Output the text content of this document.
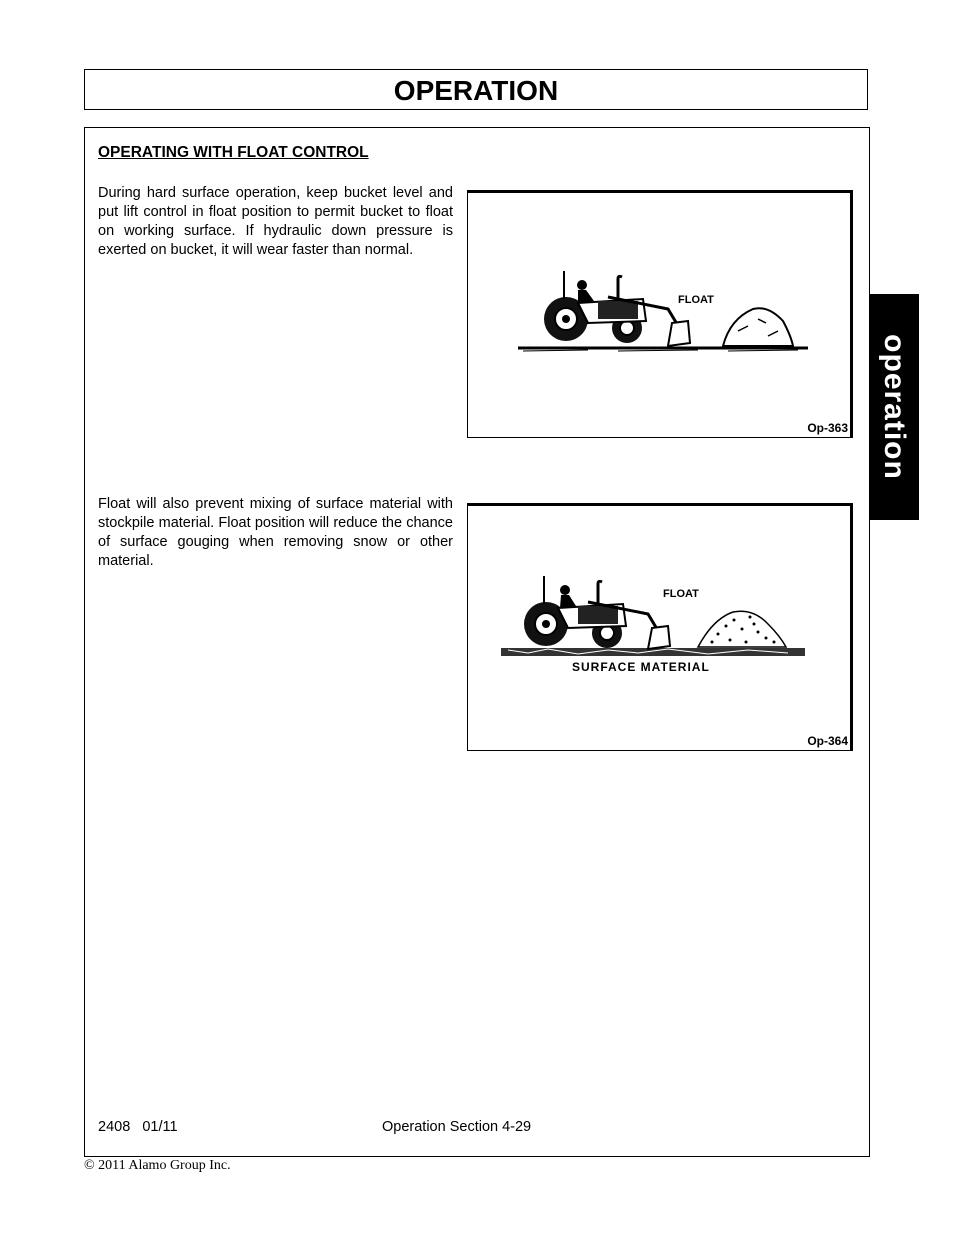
OPERATION
OPERATING WITH FLOAT CONTROL
During hard surface operation, keep bucket level and put lift control in float position to permit bucket to float on working surface. If hydraulic down pressure is exerted on bucket, it will wear faster than normal.
Float will also prevent mixing of surface material with stockpile material. Float position will reduce the chance of surface gouging when removing snow or other material.
FLOAT
Op-363
FLOAT
SURFACE MATERIAL
Op-364
operation
2408   01/11	Operation Section 4-29
© 2011 Alamo Group Inc.
